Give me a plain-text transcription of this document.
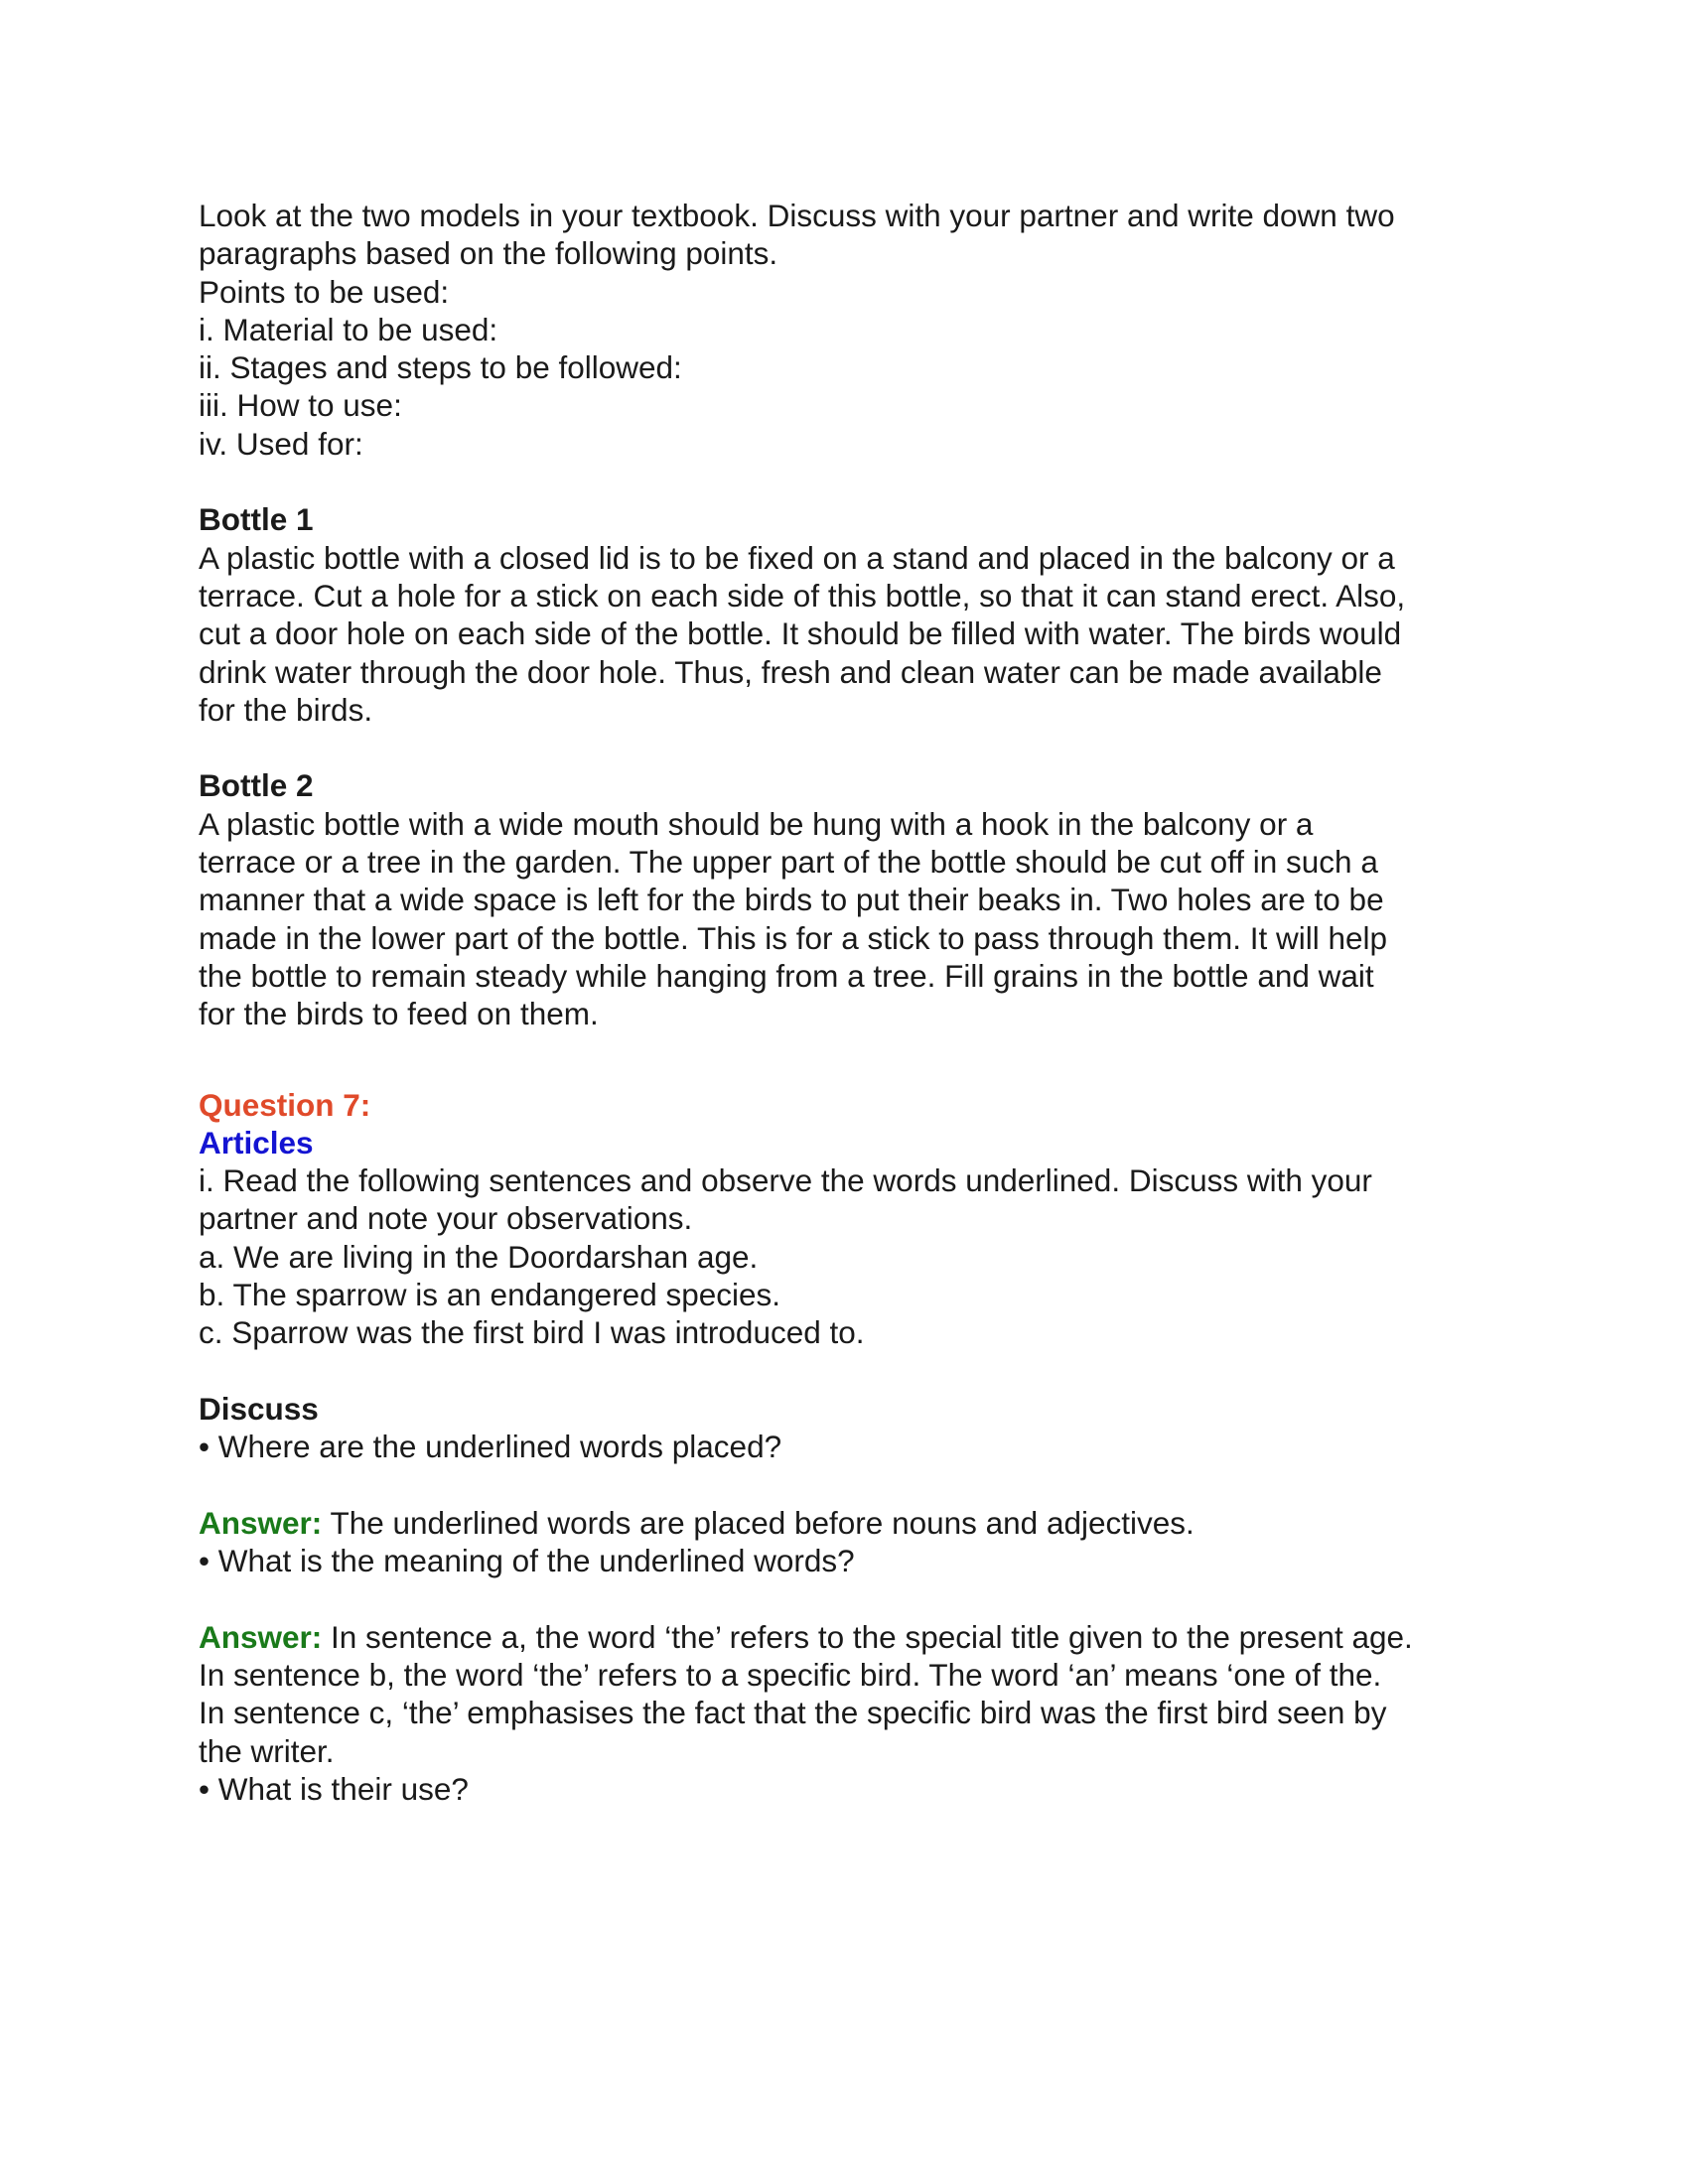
Look at the two models in your textbook. Discuss with your partner and write down two
paragraphs based on the following points.
Points to be used:
i. Material to be used:
ii. Stages and steps to be followed:
iii. How to use:
iv. Used for:
Bottle 1
A plastic bottle with a closed lid is to be fixed on a stand and placed in the balcony or a
terrace. Cut a hole for a stick on each side of this bottle, so that it can stand erect. Also,
cut a door hole on each side of the bottle. It should be filled with water. The birds would
drink water through the door hole. Thus, fresh and clean water can be made available
for the birds.
Bottle 2
A plastic bottle with a wide mouth should be hung with a hook in the balcony or a
terrace or a tree in the garden. The upper part of the bottle should be cut off in such a
manner that a wide space is left for the birds to put their beaks in. Two holes are to be
made in the lower part of the bottle. This is for a stick to pass through them. It will help
the bottle to remain steady while hanging from a tree. Fill grains in the bottle and wait
for the birds to feed on them.
Question 7:
Articles
i. Read the following sentences and observe the words underlined. Discuss with your
partner and note your observations.
a. We are living in the Doordarshan age.
b. The sparrow is an endangered species.
c. Sparrow was the first bird I was introduced to.
Discuss
• Where are the underlined words placed?
Answer: The underlined words are placed before nouns and adjectives.
• What is the meaning of the underlined words?
Answer: In sentence a, the word ‘the’ refers to the special title given to the present age.
In sentence b, the word ‘the’ refers to a specific bird. The word ‘an’ means ‘one of the.
In sentence c, ‘the’ emphasises the fact that the specific bird was the first bird seen by
the writer.
• What is their use?
